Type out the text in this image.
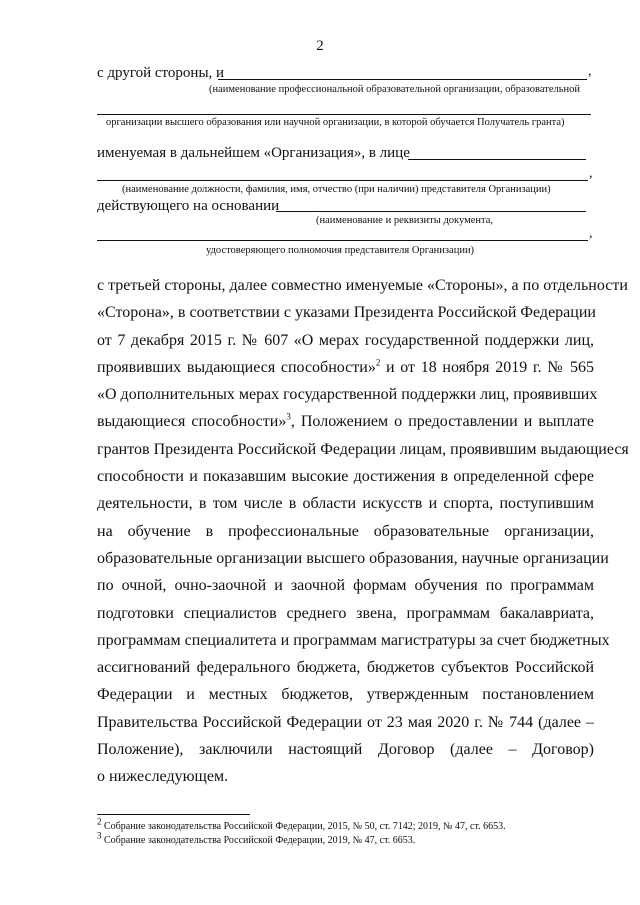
2
с другой стороны, и	,
(наименование профессиональной образовательной организации, образовательной
организации высшего образования или научной организации, в которой обучается Получатель гранта)
именуемая в дальнейшем «Организация», в лице
,
(наименование должности, фамилия, имя, отчество (при наличии) представителя Организации)
действующего на основании
(наименование и реквизиты документа,
,
удостоверяющего полномочия представителя Организации)
с третьей стороны, далее совместно именуемые «Стороны», а по отдельности
«Сторона», в соответствии с указами Президента Российской Федерации
от 7 декабря 2015 г. № 607 «О мерах государственной поддержки лиц,
проявивших выдающиеся способности»$^2$ и от 18 ноября 2019 г. № 565
«О дополнительных мерах государственной поддержки лиц, проявивших
выдающиеся способности»$^3$, Положением о предоставлении и выплате
грантов Президента Российской Федерации лицам, проявившим выдающиеся
способности и показавшим высокие достижения в определенной сфере
деятельности, в том числе в области искусств и спорта, поступившим
на обучение в профессиональные образовательные организации,
образовательные организации высшего образования, научные организации
по очной, очно-заочной и заочной формам обучения по программам
подготовки специалистов среднего звена, программам бакалавриата,
программам специалитета и программам магистратуры за счет бюджетных
ассигнований федерального бюджета, бюджетов субъектов Российской
Федерации и местных бюджетов, утвержденным постановлением
Правительства Российской Федерации от 23 мая 2020 г. № 744 (далее –
Положение), заключили настоящий Договор (далее – Договор)
о нижеследующем.
$^2$ Собрание законодательства Российской Федерации, 2015, № 50, ст. 7142; 2019, № 47, ст. 6653.
$^3$ Собрание законодательства Российской Федерации, 2019, № 47, ст. 6653.
